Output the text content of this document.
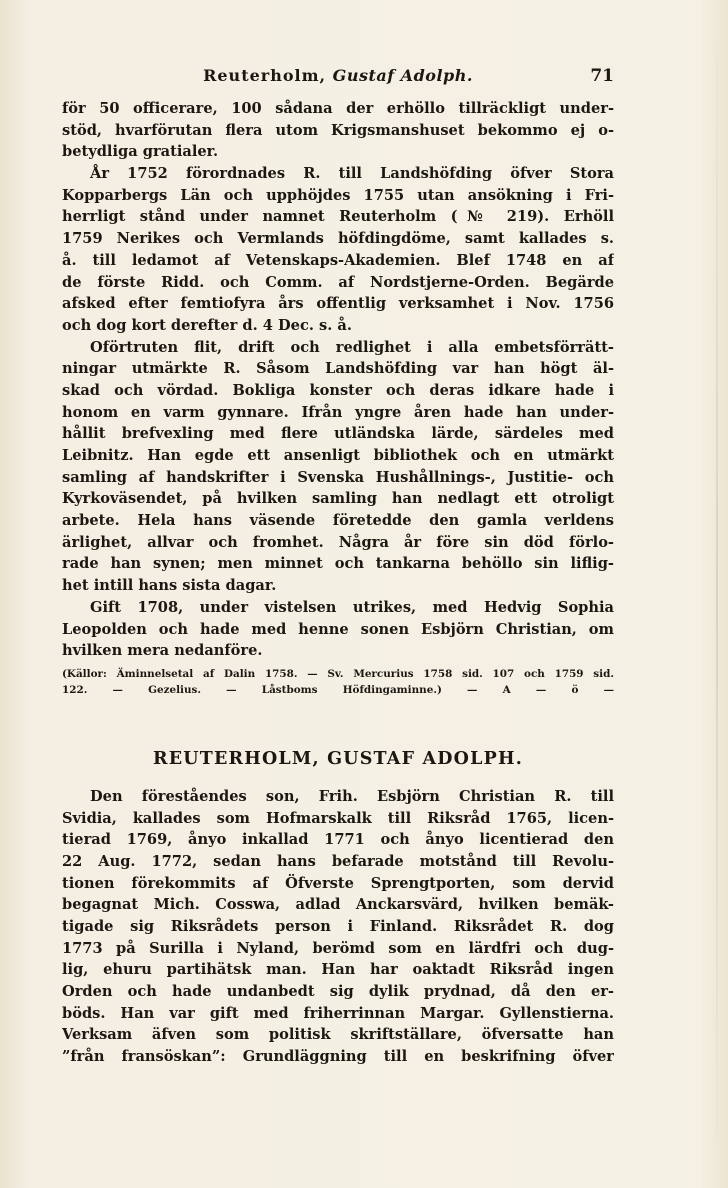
Reuterholm, Gustaf Adolph.	71
för 50 officerare, 100 sådana der erhöllo tillräckligt under-
stöd, hvarförutan flera utom Krigsmanshuset bekommo ej o-
betydliga gratialer.
År 1752 förordnades R. till Landshöfding öfver Stora
Kopparbergs Län och upphöjdes 1755 utan ansökning i Fri-
herrligt stånd under namnet Reuterholm (№ 219). Erhöll
1759 Nerikes och Vermlands höfdingdöme, samt kallades s.
å. till ledamot af Vetenskaps-Akademien. Blef 1748 en af
de förste Ridd. och Comm. af Nordstjerne-Orden. Begärde
afsked efter femtiofyra års offentlig verksamhet i Nov. 1756
och dog kort derefter d. 4 Dec. s. å.
Oförtruten flit, drift och redlighet i alla embetsförrätt-
ningar utmärkte R. Såsom Landshöfding var han högt äl-
skad och vördad. Bokliga konster och deras idkare hade i
honom en varm gynnare. Ifrån yngre åren hade han under-
hållit brefvexling med flere utländska lärde, särdeles med
Leibnitz. Han egde ett ansenligt bibliothek och en utmärkt
samling af handskrifter i Svenska Hushållnings-, Justitie- och
Kyrkoväsendet, på hvilken samling han nedlagt ett otroligt
arbete. Hela hans väsende företedde den gamla verldens
ärlighet, allvar och fromhet. Några år före sin död förlo-
rade han synen; men minnet och tankarna behöllo sin liflig-
het intill hans sista dagar.
Gift 1708, under vistelsen utrikes, med Hedvig Sophia
Leopolden och hade med henne sonen Esbjörn Christian, om
hvilken mera nedanföre.
(Källor: Äminnelsetal af Dalin 1758. — Sv. Mercurius 1758 sid. 107 och 1759 sid.
122. — Gezelius. — Låstboms Höfdingaminne.) — A — ö —
REUTERHOLM, GUSTAF ADOLPH.
Den föreståendes son, Frih. Esbjörn Christian R. till
Svidia, kallades som Hofmarskalk till Riksråd 1765, licen-
tierad 1769, ånyo inkallad 1771 och ånyo licentierad den
22 Aug. 1772, sedan hans befarade motstånd till Revolu-
tionen förekommits af Öfverste Sprengtporten, som dervid
begagnat Mich. Cosswa, adlad Anckarsvärd, hvilken bemäk-
tigade sig Riksrådets person i Finland. Riksrådet R. dog
1773 på Surilla i Nyland, berömd som en lärdfri och dug-
lig, ehuru partihätsk man. Han har oaktadt Riksråd ingen
Orden och hade undanbedt sig dylik prydnad, då den er-
böds. Han var gift med friherrinnan Margar. Gyllenstierna.
Verksam äfven som politisk skriftställare, öfversatte han
”från fransöskan”: Grundläggning till en beskrifning öfver
